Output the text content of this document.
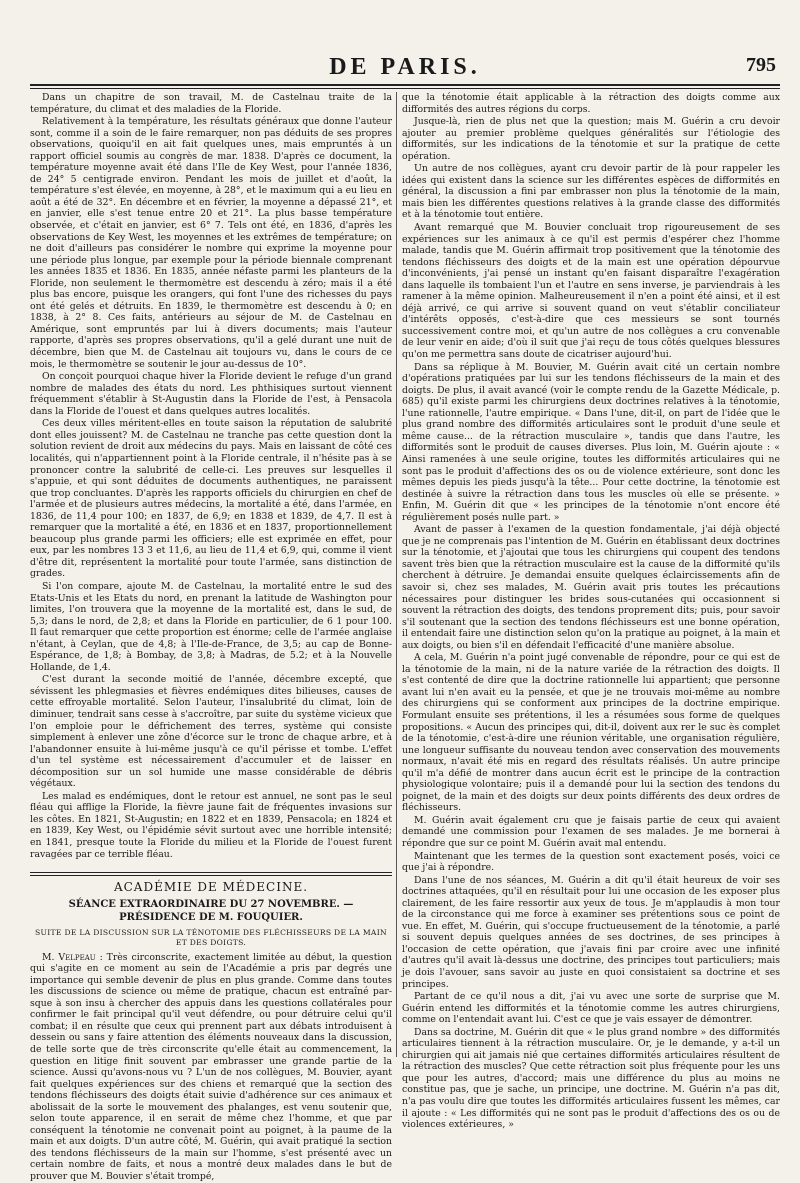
DE PARIS.	795

Dans un chapitre de son travail, M. de Castelnau traite de la température, du climat et des maladies de la Floride.

Relativement à la température, les résultats généraux que donne l'auteur sont, comme il a soin de le faire remarquer, non pas déduits de ses propres observations, quoiqu'il en ait fait quelques unes, mais empruntés à un rapport officiel soumis au congrès de mar. 1838. D'après ce document, la température moyenne avait été dans l'Ile de Key West, pour l'année 1836, de 24° 5 centigrade environ. Pendant les mois de juillet et d'août, la température s'est élevée, en moyenne, à 28°, et le maximum qui a eu lieu en août a été de 32°. En décembre et en février, la moyenne a dépassé 21°, et en janvier, elle s'est tenue entre 20 et 21°. La plus basse température observée, et c'était en janvier, est 6° 7. Tels ont été, en 1836, d'après les observations de Key West, les moyennes et les extrêmes de température; on ne doit d'ailleurs pas considérer le nombre qui exprime la moyenne pour une période plus longue, par exemple pour la période biennale comprenant les années 1835 et 1836. En 1835, année néfaste parmi les planteurs de la Floride, non seulement le thermomètre est descendu à zéro; mais il a été plus bas encore, puisque les orangers, qui font l'une des richesses du pays ont été gelés et détruits. En 1839, le thermomètre est descendu à 0; en 1838, à 2° 8. Ces faits, antérieurs au séjour de M. de Castelnau en Amérique, sont empruntés par lui à divers documents; mais l'auteur rapporte, d'après ses propres observations, qu'il a gelé durant une nuit de décembre, bien que M. de Castelnau ait toujours vu, dans le cours de ce mois, le thermomètre se soutenir le jour au-dessus de 10°.

On conçoit pourquoi chaque hiver la Floride devient le refuge d'un grand nombre de malades des états du nord. Les phthisiques surtout viennent fréquemment s'établir à St-Augustin dans la Floride de l'est, à Pensacola dans la Floride de l'ouest et dans quelques autres localités.

Ces deux villes méritent-elles en toute saison la réputation de salubrité dont elles jouissent? M. de Castelnau ne tranche pas cette question dont la solution revient de droit aux médecins du pays. Mais en laissant de côté ces localités, qui n'appartiennent point à la Floride centrale, il n'hésite pas à se prononcer contre la salubrité de celle-ci. Les preuves sur lesquelles il s'appuie, et qui sont déduites de documents authentiques, ne paraissent que trop concluantes. D'après les rapports officiels du chirurgien en chef de l'armée et de plusieurs autres médecins, la mortalité a été, dans l'armée, en 1836, de 11,4 pour 100; en 1837, de 6,9; en 1838 et 1839, de 4,7. Il est à remarquer que la mortalité a été, en 1836 et en 1837, proportionnellement beaucoup plus grande parmi les officiers; elle est exprimée en effet, pour eux, par les nombres 13 3 et 11,6, au lieu de 11,4 et 6,9, qui, comme il vient d'être dit, représentent la mortalité pour toute l'armée, sans distinction de grades.

Si l'on compare, ajoute M. de Castelnau, la mortalité entre le sud des Etats-Unis et les Etats du nord, en prenant la latitude de Washington pour limites, l'on trouvera que la moyenne de la mortalité est, dans le sud, de 5,3; dans le nord, de 2,8; et dans la Floride en particulier, de 6 1 pour 100. Il faut remarquer que cette proportion est énorme; celle de l'armée anglaise n'étant, à Ceylan, que de 4,8; à l'Ile-de-France, de 3,5; au cap de Bonne-Espérance, de 1,8; à Bombay, de 3,8; à Madras, de 5.2; et à la Nouvelle Hollande, de 1,4.

C'est durant la seconde moitié de l'année, décembre excepté, que sévissent les phlegmasies et fièvres endémiques dites bilieuses, causes de cette effroyable mortalité. Selon l'auteur, l'insalubrité du climat, loin de diminuer, tendrait sans cesse à s'accroître, par suite du système vicieux que l'on emploie pour le défrichement des terres, système qui consiste simplement à enlever une zône d'écorce sur le tronc de chaque arbre, et à l'abandonner ensuite à lui-même jusqu'à ce qu'il périsse et tombe. L'effet d'un tel système est nécessairement d'accumuler et de laisser en décomposition sur un sol humide une masse considérable de débris végétaux.

Les malad es endémiques, dont le retour est annuel, ne sont pas le seul fléau qui afflige la Floride, la fièvre jaune fait de fréquentes invasions sur les côtes. En 1821, St-Augustin; en 1822 et en 1839, Pensacola; en 1824 et en 1839, Key West, ou l'épidémie sévit surtout avec une horrible intensité; en 1841, presque toute la Floride du milieu et la Floride de l'ouest furent ravagées par ce terrible fléau.

ACADÉMIE DE MÉDECINE.
SÉANCE EXTRAORDINAIRE DU 27 NOVEMBRE. — PRÉSIDENCE DE M. FOUQUIER.
SUITE DE LA DISCUSSION SUR LA TÉNOTOMIE DES FLÉCHISSEURS DE LA MAIN ET DES DOIGTS.

M. Velpeau : Très circonscrite, exactement limitée au début, la question qui s'agite en ce moment au sein de l'Académie a pris par degrés une importance qui semble devenir de plus en plus grande. Comme dans toutes les discussions de science ou même de pratique, chacun est entraîné par-sque à son insu à chercher des appuis dans les questions collatérales pour confirmer le fait principal qu'il veut défendre, ou pour détruire celui qu'il combat; il en résulte que ceux qui prennent part aux débats introduisent à dessein ou sans y faire attention des éléments nouveaux dans la discussion, de telle sorte que de très circonscrite qu'elle était au commencement, la question en litige finit souvent par embrasser une grande partie de la science. Aussi qu'avons-nous vu ? L'un de nos collègues, M. Bouvier, ayant fait quelques expériences sur des chiens et remarqué que la section des tendons fléchisseurs des doigts était suivie d'adhérence sur ces animaux et abolissait de la sorte le mouvement des phalanges, est venu soutenir que, selon toute apparence, il en serait de même chez l'homme, et que par conséquent la ténotomie ne convenait point au poignet, à la paume de la main et aux doigts. D'un autre côté, M. Guérin, qui avait pratiqué la section des tendons fléchisseurs de la main sur l'homme, s'est présenté avec un certain nombre de faits, et nous a montré deux malades dans le but de prouver que M. Bouvier s'était trompé,

que la ténotomie était applicable à la rétraction des doigts comme aux difformités des autres régions du corps.

Jusque-là, rien de plus net que la question; mais M. Guérin a cru devoir ajouter au premier problème quelques généralités sur l'étiologie des difformités, sur les indications de la ténotomie et sur la pratique de cette opération.

Un autre de nos collègues, ayant cru devoir partir de là pour rappeler les idées qui existent dans la science sur les différentes espèces de difformités en général, la discussion a fini par embrasser non plus la ténotomie de la main, mais bien les différentes questions relatives à la grande classe des difformités et à la ténotomie tout entière.

Avant remarqué que M. Bouvier concluait trop rigoureusement de ses expériences sur les animaux à ce qu'il est permis d'espérer chez l'homme malade, tandis que M. Guérin affirmait trop positivement que la ténotomie des tendons fléchisseurs des doigts et de la main est une opération dépourvue d'inconvénients, j'ai pensé un instant qu'en faisant disparaître l'exagération dans laquelle ils tombaient l'un et l'autre en sens inverse, je parviendrais à les ramener à la même opinion. Malheureusement il n'en a point été ainsi, et il est déjà arrivé, ce qui arrive si souvent quand on veut s'établir conciliateur d'intérêts opposés, c'est-à-dire que ces messieurs se sont tournés successivement contre moi, et qu'un autre de nos collègues a cru convenable de leur venir en aide; d'où il suit que j'ai reçu de tous côtés quelques blessures qu'on me permettra sans doute de cicatriser aujourd'hui.

Dans sa réplique à M. Bouvier, M. Guérin avait cité un certain nombre d'opérations pratiquées par lui sur les tendons fléchisseurs de la main et des doigts. De plus, il avait avancé (voir le compte rendu de la Gazette Médicale, p. 685) qu'il existe parmi les chirurgiens deux doctrines relatives à la ténotomie, l'une rationnelle, l'autre empirique. « Dans l'une, dit-il, on part de l'idée que le plus grand nombre des difformités articulaires sont le produit d'une seule et même cause... de la rétraction musculaire », tandis que dans l'autre, les difformités sont le produit de causes diverses. Plus loin, M. Guérin ajoute : « Ainsi ramenées à une seule origine, toutes les difformités articulaires qui ne sont pas le produit d'affections des os ou de violence extérieure, sont donc les mêmes depuis les pieds jusqu'à la tête... Pour cette doctrine, la ténotomie est destinée à suivre la rétraction dans tous les muscles où elle se présente. » Enfin, M. Guérin dit que « les principes de la ténotomie n'ont encore été régulièrement posés nulle part. »

Avant de passer à l'examen de la question fondamentale, j'ai déjà objecté que je ne comprenais pas l'intention de M. Guérin en établissant deux doctrines sur la ténotomie, et j'ajoutai que tous les chirurgiens qui coupent des tendons savent très bien que la rétraction musculaire est la cause de la difformité qu'ils cherchent à détruire. Je demandai ensuite quelques éclaircissements afin de savoir si, chez ses malades, M. Guérin avait pris toutes les précautions nécessaires pour distinguer les brides sous-cutanées qui occasionnent si souvent la rétraction des doigts, des tendons proprement dits; puis, pour savoir s'il soutenant que la section des tendons fléchisseurs est une bonne opération, il entendait faire une distinction selon qu'on la pratique au poignet, à la main et aux doigts, ou bien s'il en défendait l'efficacité d'une manière absolue.

A cela, M. Guérin n'a point jugé convenable de répondre, pour ce qui est de la ténotomie de la main, ni de la nature variée de la rétraction des doigts. Il s'est contenté de dire que la doctrine rationnelle lui appartient; que personne avant lui n'en avait eu la pensée, et que je ne trouvais moi-même au nombre des chirurgiens qui se conforment aux principes de la doctrine empirique. Formulant ensuite ses prétentions, il les a résumées sous forme de quelques propositions. « Aucun des principes qui, dit-il, doivent aux rer le suc ès complet de la ténotomie, c'est-à-dire une réunion véritable, une organisation régulière, une longueur suffisante du nouveau tendon avec conservation des mouvements normaux, n'avait été mis en regard des résultats réalisés. Un autre principe qu'il m'a défié de montrer dans aucun écrit est le principe de la contraction physiologique volontaire; puis il a demandé pour lui la section des tendons du poignet, de la main et des doigts sur deux points différents des deux ordres de fléchisseurs.

M. Guérin avait également cru que je faisais partie de ceux qui avaient demandé une commission pour l'examen de ses malades. Je me bornerai à répondre que sur ce point M. Guérin avait mal entendu.

Maintenant que les termes de la question sont exactement posés, voici ce que j'ai à répondre.

Dans l'une de nos séances, M. Guérin a dit qu'il était heureux de voir ses doctrines attaquées, qu'il en résultait pour lui une occasion de les exposer plus clairement, de les faire ressortir aux yeux de tous. Je m'applaudis à mon tour de la circonstance qui me force à examiner ses prétentions sous ce point de vue. En effet, M. Guérin, qui s'occupe fructueusement de la ténotomie, a parlé si souvent depuis quelques années de ses doctrines, de ses principes à l'occasion de cette opération, que j'avais fini par croire avec une infinité d'autres qu'il avait là-dessus une doctrine, des principes tout particuliers; mais je dois l'avouer, sans savoir au juste en quoi consistaient sa doctrine et ses principes.

Partant de ce qu'il nous a dit, j'ai vu avec une sorte de surprise que M. Guérin entend les difformités et la ténotomie comme les autres chirurgiens, comme on l'entendait avant lui. C'est ce que je vais essayer de démontrer.

Dans sa doctrine, M. Guérin dit que « le plus grand nombre » des difformités articulaires tiennent à la rétraction musculaire. Or, je le demande, y a-t-il un chirurgien qui ait jamais nié que certaines difformités articulaires résultent de la rétraction des muscles? Que cette rétraction soit plus fréquente pour les uns que pour les autres, d'accord; mais une différence du plus au moins ne constitue pas, que je sache, un principe, une doctrine. M. Guérin n'a pas dit, n'a pas voulu dire que toutes les difformités articulaires fussent les mêmes, car il ajoute : « Les difformités qui ne sont pas le produit d'affections des os ou de violences extérieures, »
